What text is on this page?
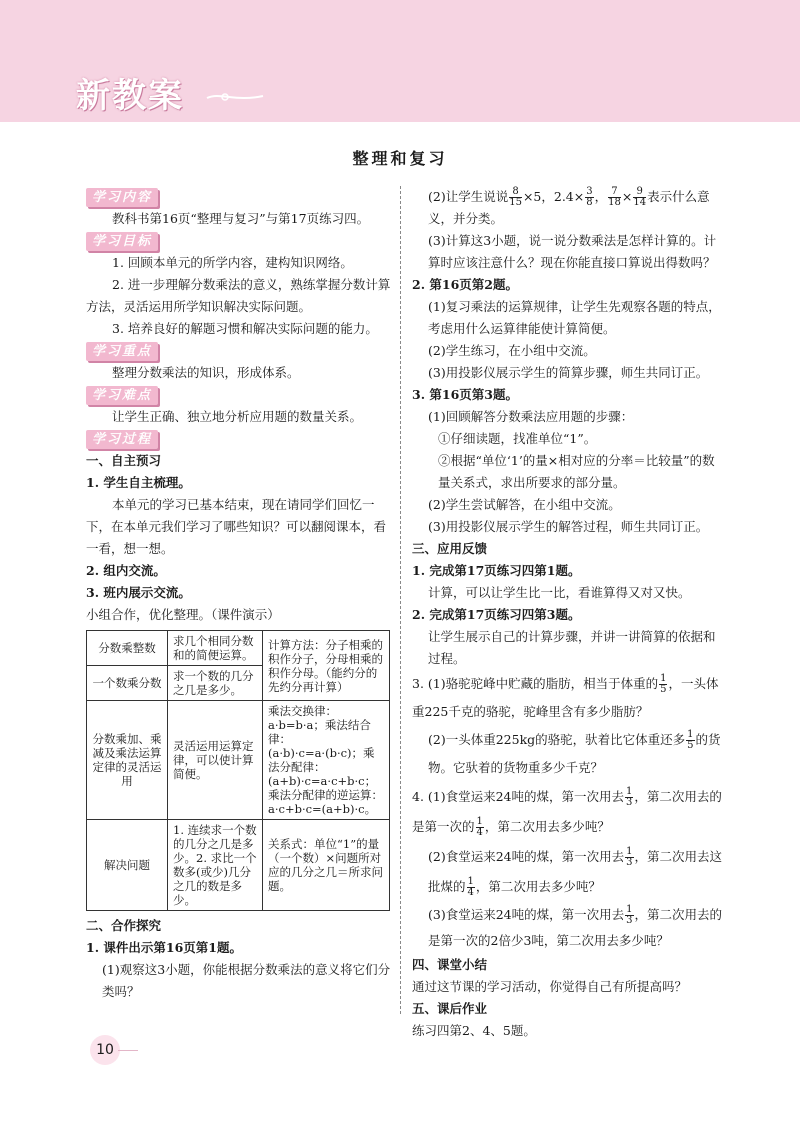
新教案
整理和复习
学习内容

教科书第16页“整理与复习”与第17页练习四。

学习目标

1. 回顾本单元的所学内容，建构知识网络。

2. 进一步理解分数乘法的意义，熟练掌握分数计算方法，灵活运用所学知识解决实际问题。

3. 培养良好的解题习惯和解决实际问题的能力。

学习重点

整理分数乘法的知识，形成体系。

学习难点

让学生正确、独立地分析应用题的数量关系。

学习过程

一、自主预习

1. 学生自主梳理。

本单元的学习已基本结束，现在请同学们回忆一下，在本单元我们学习了哪些知识？可以翻阅课本，看一看，想一想。

2. 组内交流。

3. 班内展示交流。

小组合作，优化整理。（课件演示）

分数乘整数	求几个相同分数和的简便运算。	计算方法：分子相乘的积作分子，分母相乘的积作分母。（能约分的先约分再计算）
一个数乘分数	求一个数的几分之几是多少。	
分数乘加、乘减及乘法运算定律的灵活运用	灵活运用运算定律，可以使计算简便。	乘法交换律：a·b=b·a；乘法结合律：(a·b)·c=a·(b·c)；乘法分配律：(a+b)·c=a·c+b·c；乘法分配律的逆运算：a·c+b·c=(a+b)·c。
解决问题	1. 连续求一个数的几分之几是多少。2. 求比一个数多(或少)几分之几的数是多少。	关系式：单位“1”的量（一个数）×问题所对应的几分之几＝所求问题。

二、合作探究

1. 课件出示第16页第1题。

(1)观察这3小题，你能根据分数乘法的意义将它们分类吗？

(2)让学生说说 $\frac{8}{15} \times 5$，$2.4\times \frac{3}{8}$ ， $\frac{7}{18} \times \frac{9}{14}$ 表示什么意义，并分类。

(3)计算这3小题，说一说分数乘法是怎样计算的。计算时应该注意什么？现在你能直接口算说出得数吗？

2. 第16页第2题。

(1)复习乘法的运算规律，让学生先观察各题的特点，考虑用什么运算律能使计算简便。

(2)学生练习，在小组中交流。

(3)用投影仪展示学生的简算步骤，师生共同订正。

3. 第16页第3题。

(1)回顾解答分数乘法应用题的步骤：

①仔细读题，找准单位“1”。

②根据“单位‘1’的量×相对应的分率＝比较量”的数量关系式，求出所要求的部分量。

(2)学生尝试解答，在小组中交流。

(3)用投影仪展示学生的解答过程，师生共同订正。

三、应用反馈

1. 完成第17页练习四第1题。

计算，可以让学生比一比，看谁算得又对又快。

2. 完成第17页练习四第3题。

让学生展示自己的计算步骤，并讲一讲简算的依据和过程。

3. (1)骆驼驼峰中贮藏的脂肪，相当于体重的 $\frac{1}{5}$ ，一头体重225千克的骆驼，驼峰里含有多少脂肪？

(2)一头体重225kg的骆驼，驮着比它体重还多 $\frac{1}{5}$ 的货物。它驮着的货物重多少千克？

4. (1)食堂运来24吨的煤，第一次用去 $\frac{1}{3}$ ，第二次用去的是第一次的 $\frac{1}{4}$ ，第二次用去多少吨？

(2)食堂运来24吨的煤，第一次用去 $\frac{1}{3}$ ，第二次用去这批煤的 $\frac{1}{4}$ ，第二次用去多少吨？

(3)食堂运来24吨的煤，第一次用去 $\frac{1}{3}$ ，第二次用去的是第一次的2倍少3吨，第二次用去多少吨？

四、课堂小结

通过这节课的学习活动，你觉得自己有所提高吗？

五、课后作业

练习四第2、4、5题。

10
